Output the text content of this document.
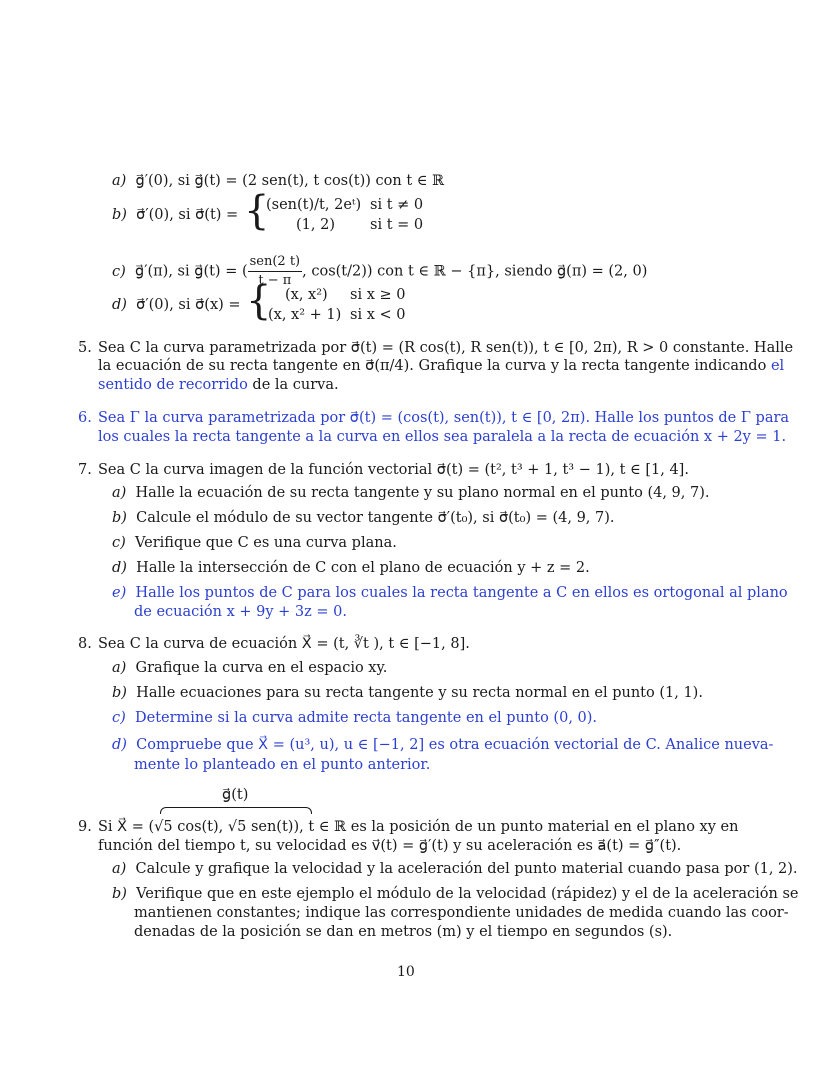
a) g⃗′(0), si g⃗(t) = (2 sen(t), t cos(t)) con t ∈ ℝ
b) σ⃗′(0), si σ⃗(t) = {
(sen(t)/t, 2eᵗ) si t ≠ 0
(1, 2) si t = 0
c) g⃗′(π), si g⃗(t) = ( $\frac{\text{sen(2 t)}}{t - \pi}$ , cos(t/2)) con t ∈ ℝ − {π}, siendo g⃗(π) = (2, 0)
d) σ⃗′(0), si σ⃗(x) = { (x, x²) si x ≥ 0
(x, x² + 1) si x < 0
5. Sea C la curva parametrizada por σ⃗(t) = (R cos(t), R sen(t)), t ∈ [0, 2π), R > 0 constante. Halle
la ecuación de su recta tangente en σ⃗(π/4). Grafique la curva y la recta tangente indicando el
sentido de recorrido de la curva.
6. Sea Γ la curva parametrizada por σ⃗(t) = (cos(t), sen(t)), t ∈ [0, 2π). Halle los puntos de Γ para
los cuales la recta tangente a la curva en ellos sea paralela a la recta de ecuación x + 2y = 1.
7. Sea C la curva imagen de la función vectorial σ⃗(t) = (t², t³ + 1, t³ − 1), t ∈ [1, 4].
a) Halle la ecuación de su recta tangente y su plano normal en el punto (4, 9, 7).
b) Calcule el módulo de su vector tangente σ⃗′(t₀), si σ⃗(t₀) = (4, 9, 7).
c) Verifique que C es una curva plana.
d) Halle la intersección de C con el plano de ecuación y + z = 2.
e) Halle los puntos de C para los cuales la recta tangente a C en ellos es ortogonal al plano
de ecuación x + 9y + 3z = 0.
8. Sea C la curva de ecuación X⃗ = (t, ∛t ), t ∈ [−1, 8].
a) Grafique la curva en el espacio xy.
b) Halle ecuaciones para su recta tangente y su recta normal en el punto (1, 1).
c) Determine si la curva admite recta tangente en el punto (0, 0).
d) Compruebe que X⃗ = (u³, u), u ∈ [−1, 2] es otra ecuación vectorial de C. Analice nueva-
mente lo planteado en el punto anterior.
g⃗(t)
9. Si X⃗ = (√5 cos(t), √5 sen(t)), t ∈ ℝ es la posición de un punto material en el plano xy en
función del tiempo t, su velocidad es v⃗(t) = g⃗′(t) y su aceleración es a⃗(t) = g⃗″(t).
a) Calcule y grafique la velocidad y la aceleración del punto material cuando pasa por (1, 2).
b) Verifique que en este ejemplo el módulo de la velocidad (rápidez) y el de la aceleración se
mantienen constantes; indique las correspondiente unidades de medida cuando las coor-
denadas de la posición se dan en metros (m) y el tiempo en segundos (s).
10
